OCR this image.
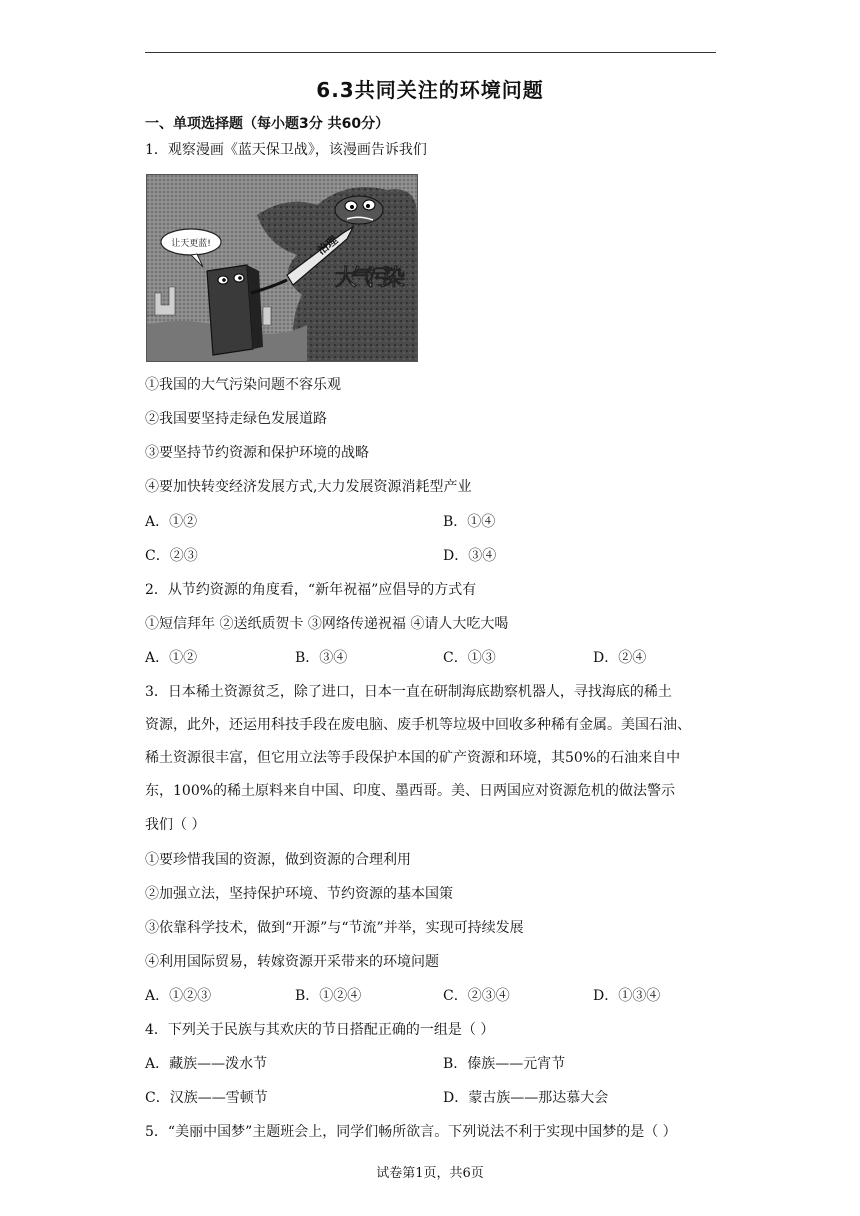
6.3共同关注的环境问题
一、单项选择题（每小题3分 共60分）
1．观察漫画《蓝天保卫战》，该漫画告诉我们
让天更蓝!	治理
大气污染
①我国的大气污染问题不容乐观
②我国要坚持走绿色发展道路
③要坚持节约资源和保护环境的战略
④要加快转变经济发展方式,大力发展资源消耗型产业
A．①②	B．①④
C．②③	D．③④
2．从节约资源的角度看，“新年祝福”应倡导的方式有
①短信拜年 ②送纸质贺卡 ③网络传递祝福 ④请人大吃大喝
A．①②	B．③④	C．①③	D．②④
3．日本稀土资源贫乏，除了进口，日本一直在研制海底勘察机器人，寻找海底的稀土
资源，此外，还运用科技手段在废电脑、废手机等垃圾中回收多种稀有金属。美国石油、
稀土资源很丰富，但它用立法等手段保护本国的矿产资源和环境，其50%的石油来自中
东，100%的稀土原料来自中国、印度、墨西哥。美、日两国应对资源危机的做法警示
我们（ ）
①要珍惜我国的资源，做到资源的合理利用
②加强立法，坚持保护环境、节约资源的基本国策
③依靠科学技术，做到“开源”与“节流”并举，实现可持续发展
④利用国际贸易，转嫁资源开采带来的环境问题
A．①②③	B．①②④	C．②③④	D．①③④
4．下列关于民族与其欢庆的节日搭配正确的一组是（ ）
A．藏族——泼水节	B．傣族——元宵节
C．汉族——雪顿节	D．蒙古族——那达慕大会
5．“美丽中国梦”主题班会上，同学们畅所欲言。下列说法不利于实现中国梦的是（ ）
试卷第1页，共6页
